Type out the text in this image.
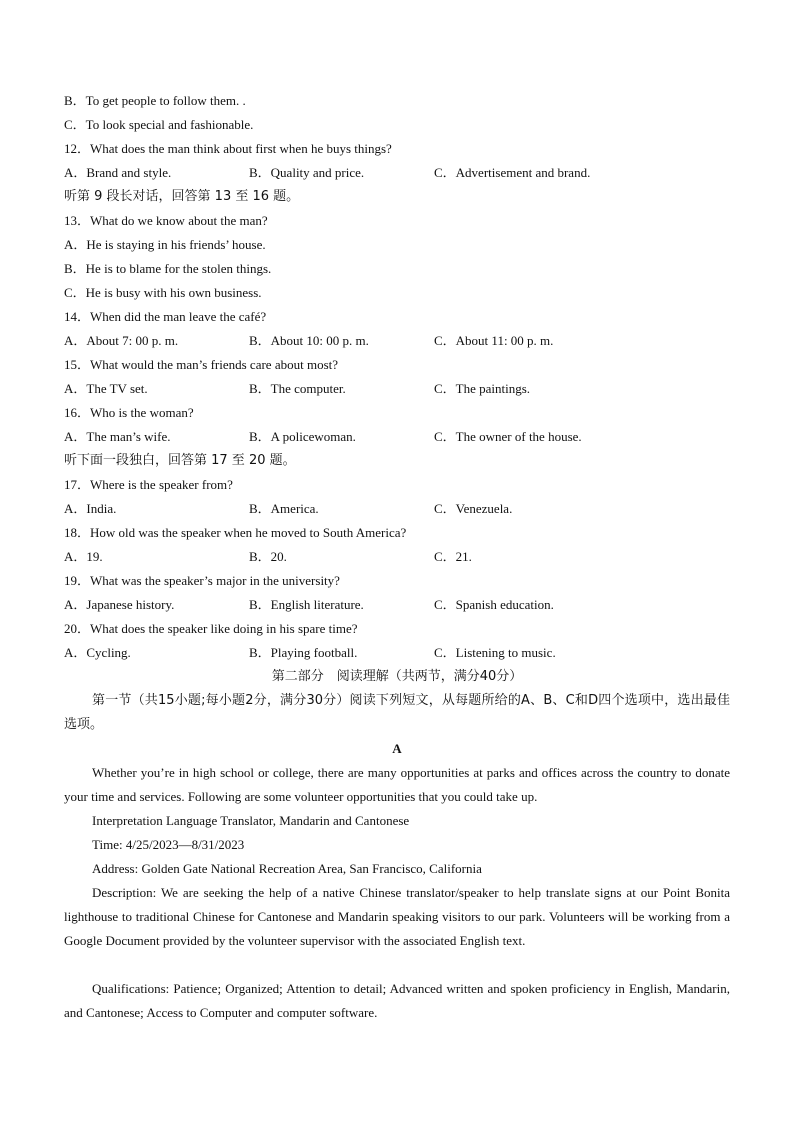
B．To get people to follow them. .
C．To look special and fashionable.
12．What does the man think about first when he buys things?
A．Brand and style.	B．Quality and price.	C．Advertisement and brand.
听第 9 段长对话，回答第 13 至 16 题。
13．What do we know about the man?
A．He is staying in his friends’ house.
B．He is to blame for the stolen things.
C．He is busy with his own business.
14．When did the man leave the café?
A．About 7: 00 p. m.	B．About 10: 00 p. m.	C．About 11: 00 p. m.
15．What would the man’s friends care about most?
A．The TV set.	B．The computer.	C．The paintings.
16．Who is the woman?
A．The man’s wife.	B．A policewoman.	C．The owner of the house.
听下面一段独白，回答第 17 至 20 题。
17．Where is the speaker from?
A．India.	B．America.	C．Venezuela.
18．How old was the speaker when he moved to South America?
A．19.	B．20.	C．21.
19．What was the speaker’s major in the university?
A．Japanese history.	B．English literature.	C．Spanish education.
20．What does the speaker like doing in his spare time?
A．Cycling.	B．Playing football.	C．Listening to music.
第二部分　阅读理解（共两节，满分40分）
第一节（共15小题;每小题2分，满分30分）阅读下列短文，从每题所给的A、B、C和D四个选项中，选出最佳选项。
A
Whether you’re in high school or college, there are many opportunities at parks and offices across the country to donate your time and services. Following are some volunteer opportunities that you could take up.
Interpretation Language Translator, Mandarin and Cantonese
Time: 4/25/2023—8/31/2023
Address: Golden Gate National Recreation Area, San Francisco, California
Description: We are seeking the help of a native Chinese translator/speaker to help translate signs at our Point Bonita lighthouse to traditional Chinese for Cantonese and Mandarin speaking visitors to our park. Volunteers will be working from a Google Document provided by the volunteer supervisor with the associated English text.
Qualifications: Patience; Organized; Attention to detail; Advanced written and spoken proficiency in English, Mandarin, and Cantonese; Access to Computer and computer software.
